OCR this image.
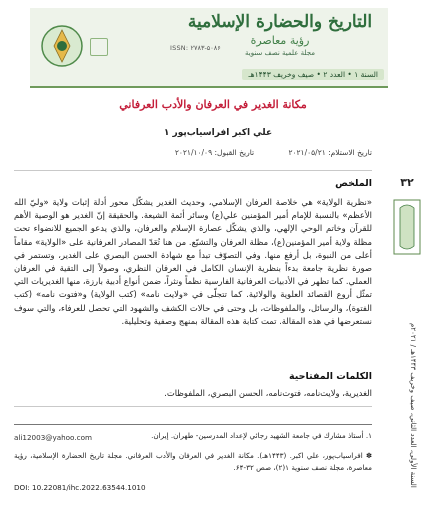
ISSN: ۲۷۸۳-۵۰۸۶
التاريخ والحضارة الإسلامية
رؤية معاصرة
مجلة علمية نصف سنوية
السنة ۱ • العدد ۲ • صيف وخريف ۱۴۴۳هـ
مكانة الغدير في العرفان والأدب العرفاني
علي اكبر افراسياب‌پور ۱
تاريخ الاستلام: ۲۰۲۱/۰۵/۲۱ تاريخ القبول: ۲۰۲۱/۱۰/۰۹
الملخص
«نظرية الولاية» هي خلاصة العرفان الإسلامي، وحديث الغدير يشكّل محور أدلة إثبات ولاية «وليّ الله الأعظم» بالنسبة للإمام أمير المؤمنين علي(ع) وسائر أئمة الشيعة. والحقيقة إنّ الغدير هو الوصية الأهم للقرآن وخاتم الوحي الإلهي، والذي يشكّل عصارة الإسلام والعرفان، والذي يدعو الجميع للانضواء تحت مظلة ولاية أمير المؤمنين(ع)، مظلة العرفان والتشيّع. من هنا تُعَدّ المصادر العرفانية على «الولاية» مقاماً أعلى من النبوة، بل أرفع منها. وفي التصوّف تبدأ مع شهادة الحسن البصري على الغدير، وتستمر في صورة نظرية جامعة بدءاً بنظرية الإنسان الكامل في العرفان النظري، وصولاً إلى التقية في العرفان العملي. كما تظهر في الأدبيات العرفانية الفارسية نظماً ونثراً، ضمن أنواع أدبية بارزة، منها الغديريات التي تمثّل أروع القصائد العلوية والولائية. كما تتجلّى في «ولايت نامه» (كتب الولاية) و«فتوت نامه» (كتب الفتوة)، والرسائل، والملفوظات، بل وحتى في حالات الكشف والشهود التي تحصل للعرفاء، والتي سوف نستعرضها في هذه المقالة. تمت كتابة هذه المقالة بمنهج وصفية وتحليلية.
الكلمات المفتاحية
الغديرية، ولايت‌نامه، فتوت‌نامه، الحسن البصري، الملفوظات.
ali12003@yahoo.com	۱. أستاذ مشارك في جامعة الشهيد رجائي لإعداد المدرسين- طهران. إيران.
✽ افراسیاب‌پور، علي اكبر. (۱۴۴۳هـ). مكانة الغدير في العرفان والأدب العرفاني. مجلة تاريخ الحضارة الإسلامية، رؤية معاصرة، مجلة نصف سنوية ۱(۲)، صص ۳۲-۶۴.
DOI: 10.22081/ihc.2022.63544.1010
۳۲
السنة الأولى، العدد الثاني، صيف وخريف ۱۴۴۳هـ / ۲۰۲۱م
